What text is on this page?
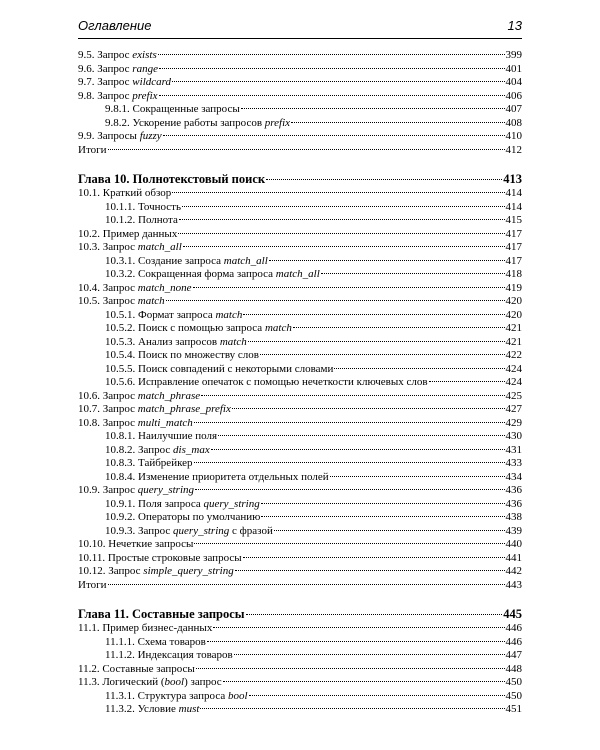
Оглавление	13
9.5. Запрос exists	399
9.6. Запрос range	401
9.7. Запрос wildcard	404
9.8. Запрос prefix	406
9.8.1. Сокращенные запросы	407
9.8.2. Ускорение работы запросов prefix	408
9.9. Запросы fuzzy	410
Итоги	412
Глава 10. Полнотекстовый поиск	413
10.1. Краткий обзор	414
10.1.1. Точность	414
10.1.2. Полнота	415
10.2. Пример данных	417
10.3. Запрос match_all	417
10.3.1. Создание запроса match_all	417
10.3.2. Сокращенная форма запроса match_all	418
10.4. Запрос match_none	419
10.5. Запрос match	420
10.5.1. Формат запроса match	420
10.5.2. Поиск с помощью запроса match	421
10.5.3. Анализ запросов match	421
10.5.4. Поиск по множеству слов	422
10.5.5. Поиск совпадений с некоторыми словами	424
10.5.6. Исправление опечаток с помощью нечеткости ключевых слов	424
10.6. Запрос match_phrase	425
10.7. Запрос match_phrase_prefix	427
10.8. Запрос multi_match	429
10.8.1. Наилучшие поля	430
10.8.2. Запрос dis_max	431
10.8.3. Тайбрейкер	433
10.8.4. Изменение приоритета отдельных полей	434
10.9. Запрос query_string	436
10.9.1. Поля запроса query_string	436
10.9.2. Операторы по умолчанию	438
10.9.3. Запрос query_string с фразой	439
10.10. Нечеткие запросы	440
10.11. Простые строковые запросы	441
10.12. Запрос simple_query_string	442
Итоги	443
Глава 11. Составные запросы	445
11.1. Пример бизнес-данных	446
11.1.1. Схема товаров	446
11.1.2. Индексация товаров	447
11.2. Составные запросы	448
11.3. Логический (bool) запрос	450
11.3.1. Структура запроса bool	450
11.3.2. Условие must	451
